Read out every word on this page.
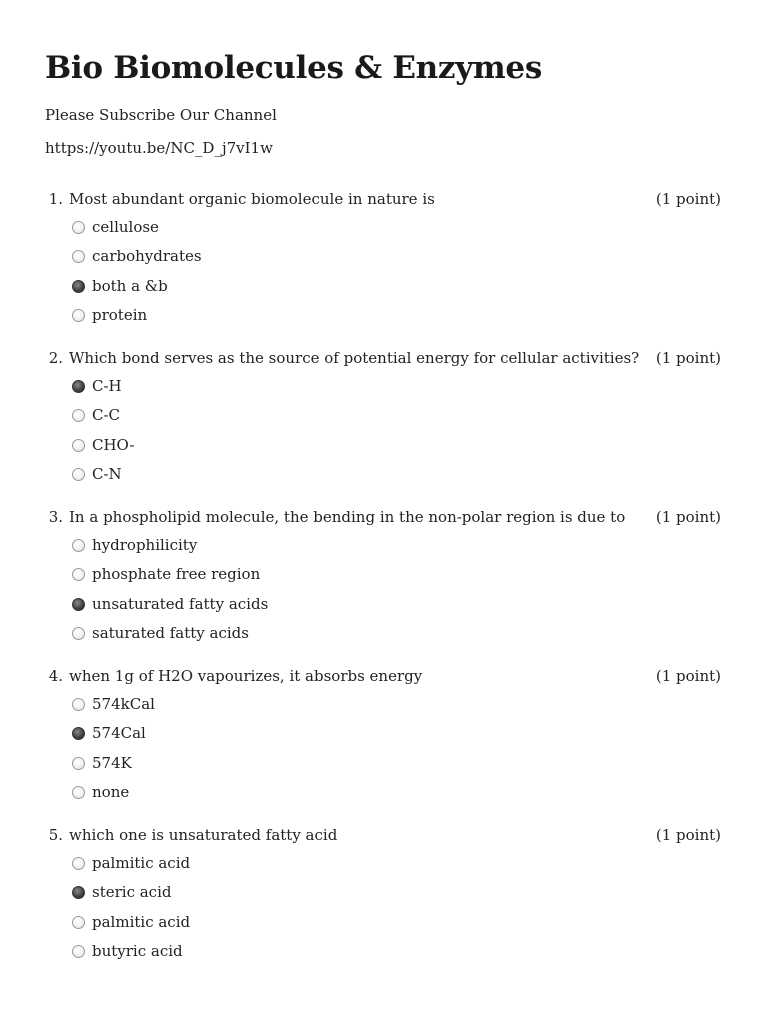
Bio Biomolecules & Enzymes
Please Subscribe Our Channel
https://youtu.be/NC_D_j7vI1w
1. Most abundant organic biomolecule in nature is	(1 point)
cellulose
carbohydrates
both a &b
protein
2. Which bond serves as the source of potential energy for cellular activities? (1 point)
C-H
C-C
CHO-
C-N
3. In a phospholipid molecule, the bending in the non-polar region is due to (1 point)
hydrophilicity
phosphate free region
unsaturated fatty acids
saturated fatty acids
4. when 1g of H2O vapourizes, it absorbs energy	(1 point)
574kCal
574Cal
574K
none
5. which one is unsaturated fatty acid	(1 point)
palmitic acid
steric acid
palmitic acid
butyric acid
